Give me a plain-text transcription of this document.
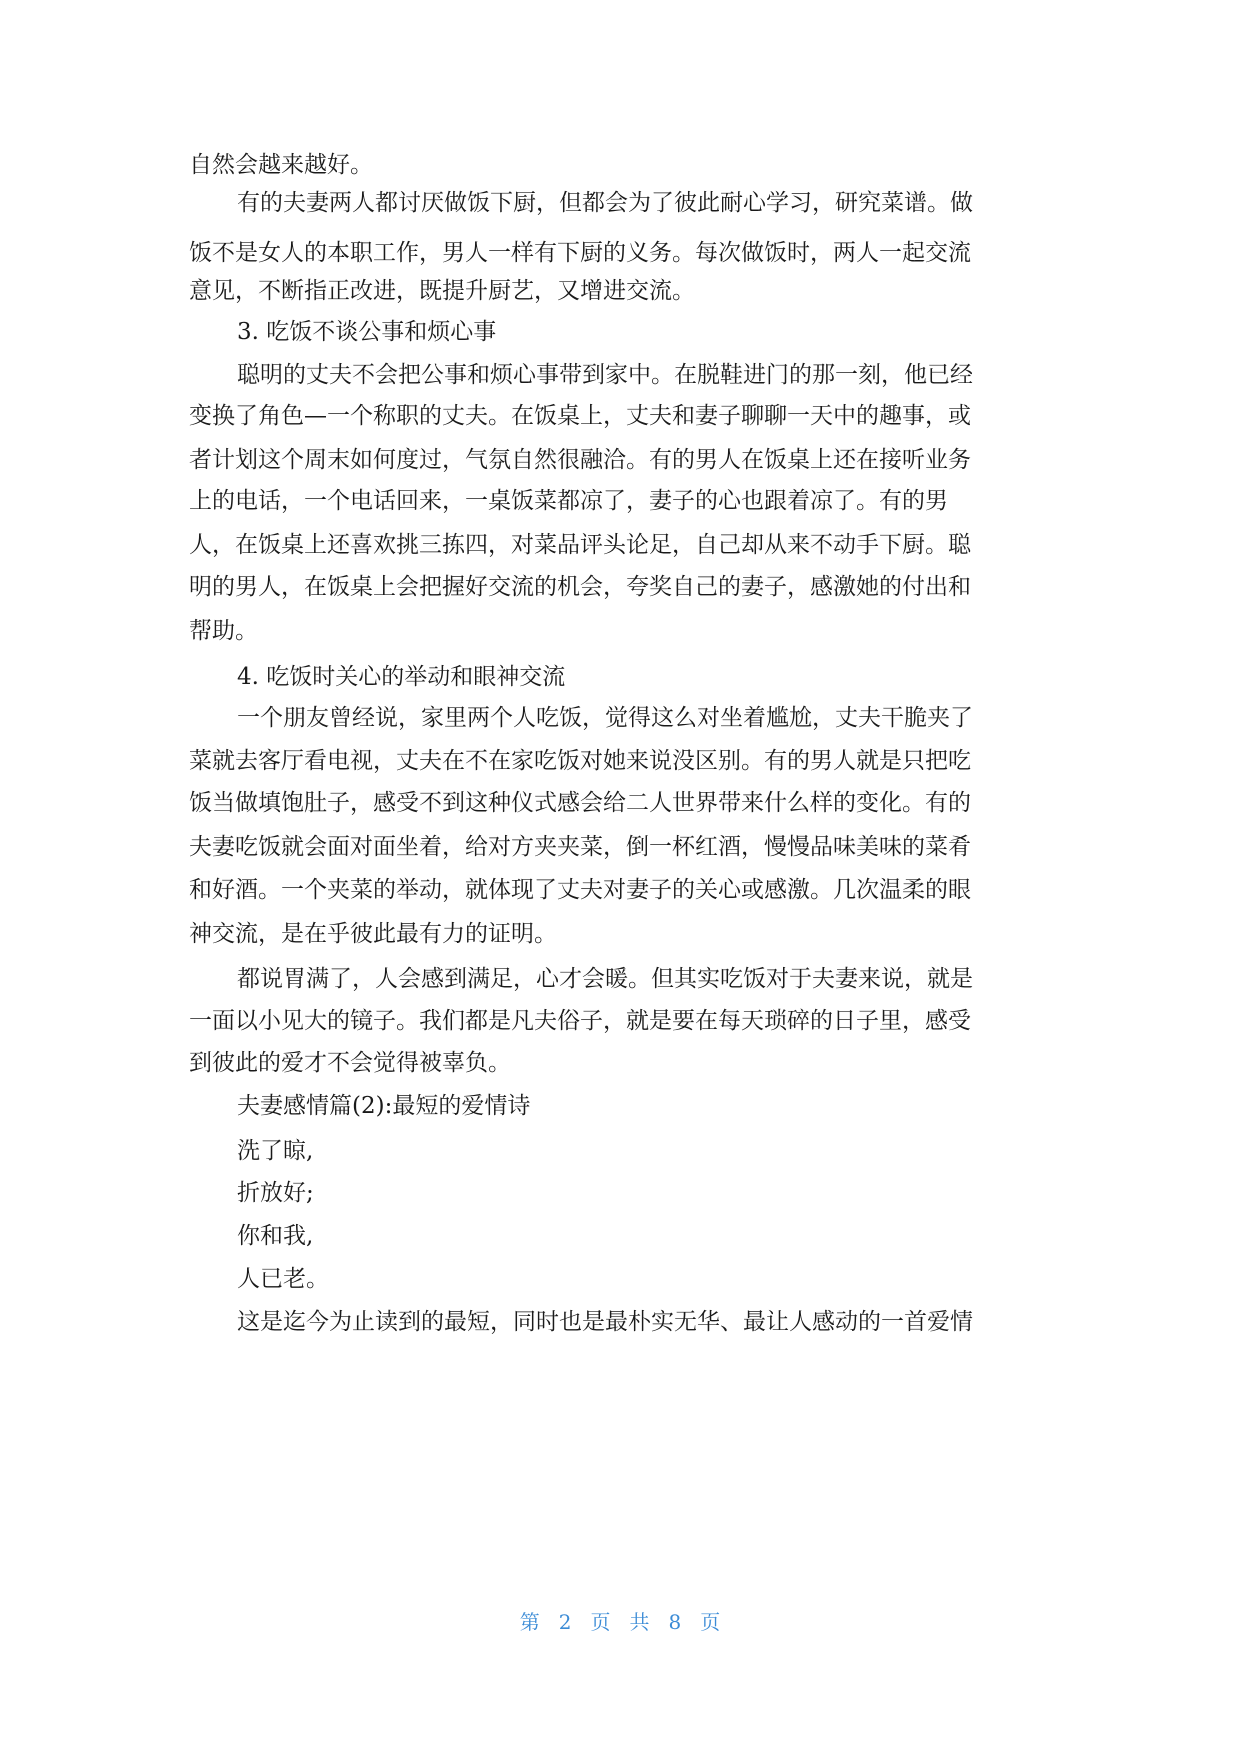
自然会越来越好。
有的夫妻两人都讨厌做饭下厨，但都会为了彼此耐心学习，研究菜谱。做
饭不是女人的本职工作，男人一样有下厨的义务。每次做饭时，两人一起交流
意见，不断指正改进，既提升厨艺，又增进交流。
3. 吃饭不谈公事和烦心事
聪明的丈夫不会把公事和烦心事带到家中。在脱鞋进门的那一刻，他已经
变换了角色—一个称职的丈夫。在饭桌上，丈夫和妻子聊聊一天中的趣事，或
者计划这个周末如何度过，气氛自然很融洽。有的男人在饭桌上还在接听业务
上的电话，一个电话回来，一桌饭菜都凉了，妻子的心也跟着凉了。有的男
人，在饭桌上还喜欢挑三拣四，对菜品评头论足，自己却从来不动手下厨。聪
明的男人，在饭桌上会把握好交流的机会，夸奖自己的妻子，感激她的付出和
帮助。
4. 吃饭时关心的举动和眼神交流
一个朋友曾经说，家里两个人吃饭，觉得这么对坐着尴尬，丈夫干脆夹了
菜就去客厅看电视，丈夫在不在家吃饭对她来说没区别。有的男人就是只把吃
饭当做填饱肚子，感受不到这种仪式感会给二人世界带来什么样的变化。有的
夫妻吃饭就会面对面坐着，给对方夹夹菜，倒一杯红酒，慢慢品味美味的菜肴
和好酒。一个夹菜的举动，就体现了丈夫对妻子的关心或感激。几次温柔的眼
神交流，是在乎彼此最有力的证明。
都说胃满了，人会感到满足，心才会暖。但其实吃饭对于夫妻来说，就是
一面以小见大的镜子。我们都是凡夫俗子，就是要在每天琐碎的日子里，感受
到彼此的爱才不会觉得被辜负。
夫妻感情篇(2):最短的爱情诗
洗了晾,
折放好;
你和我,
人已老。
这是迄今为止读到的最短，同时也是最朴实无华、最让人感动的一首爱情
第 2 页 共 8 页
